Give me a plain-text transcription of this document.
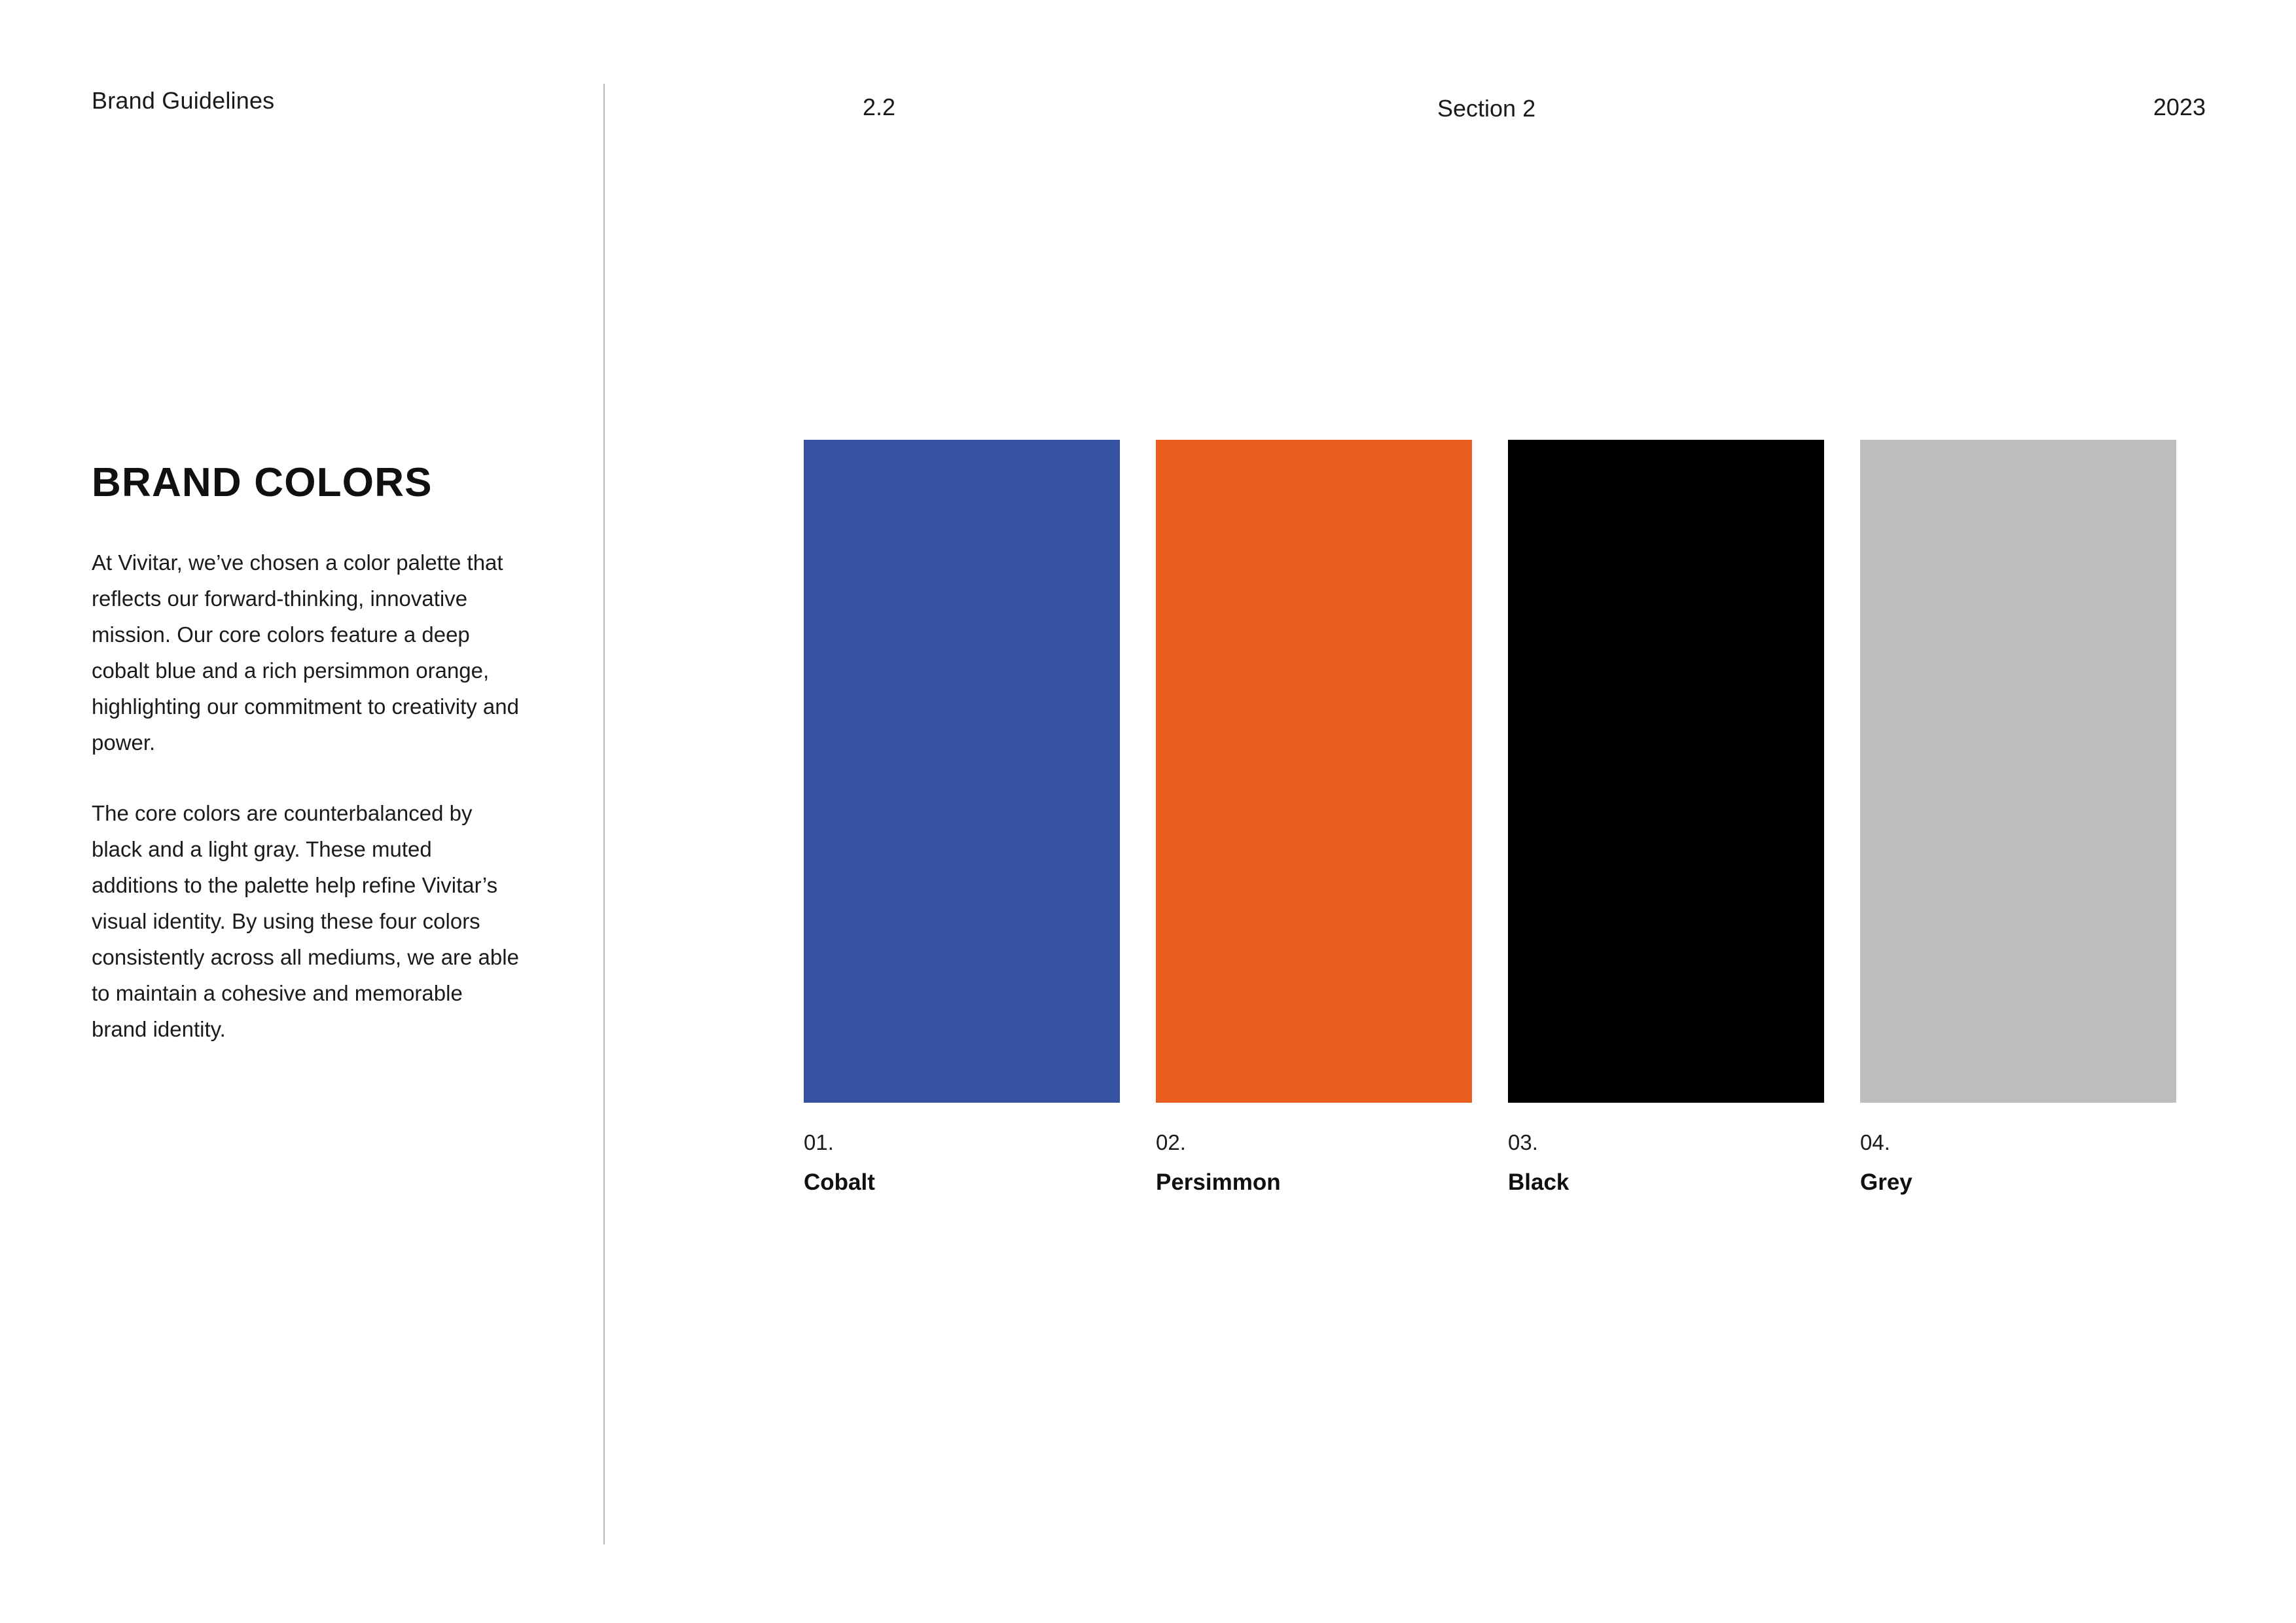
Brand Guidelines	2.2	Section 2	2023
BRAND COLORS

At Vivitar, we’ve chosen a color palette that reflects our forward-thinking, innovative mission. Our core colors feature a deep cobalt blue and a rich persimmon orange, highlighting our commitment to creativity and power.

The core colors are counterbalanced by black and a light gray. These muted additions to the palette help refine Vivitar’s visual identity. By using these four colors consistently across all mediums, we are able to maintain a cohesive and memorable brand identity.

01.
Cobalt
02.
Persimmon
03.
Black
04.
Grey
